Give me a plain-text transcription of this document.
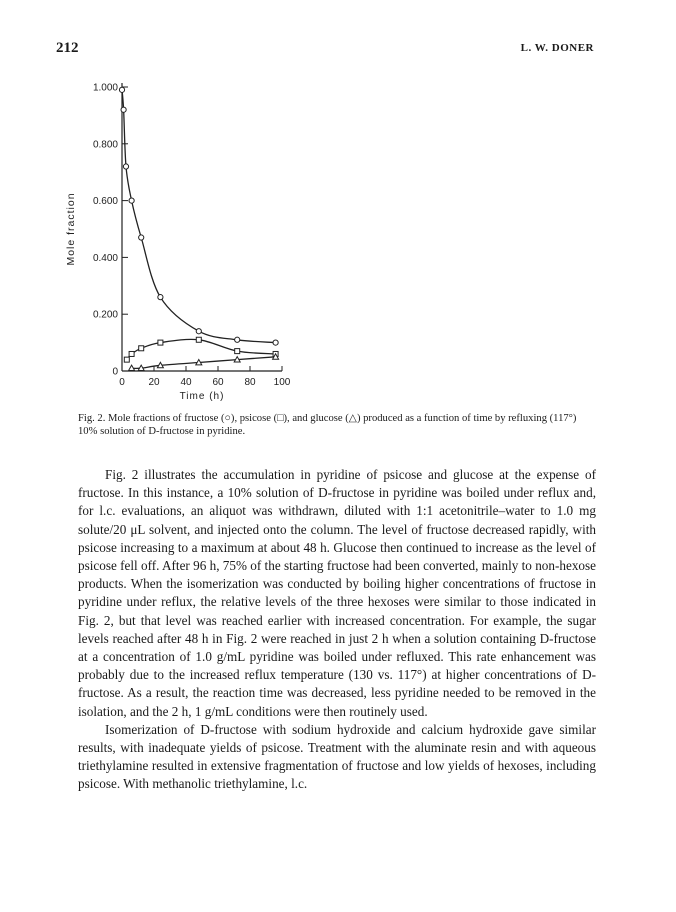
212	L. W. DONER
0
0.200
0.400
0.600
0.800
1.000
0 20 40 60 80 100
Time (h)
Mole fraction

Fig. 2. Mole fractions of fructose (○), psicose (□), and glucose (△) produced as a function of time by refluxing (117°) 10% solution of D-fructose in pyridine.

Fig. 2 illustrates the accumulation in pyridine of psicose and glucose at the expense of fructose. In this instance, a 10% solution of D-fructose in pyridine was boiled under reflux and, for l.c. evaluations, an aliquot was withdrawn, diluted with 1:1 acetonitrile–water to 1.0 mg solute/20 μL solvent, and injected onto the column. The level of fructose decreased rapidly, with psicose increasing to a maximum at about 48 h. Glucose then continued to increase as the level of psicose fell off. After 96 h, 75% of the starting fructose had been converted, mainly to non-hexose products. When the isomerization was conducted by boiling higher concentrations of fructose in pyridine under reflux, the relative levels of the three hexoses were similar to those indicated in Fig. 2, but that level was reached earlier with increased concentration. For example, the sugar levels reached after 48 h in Fig. 2 were reached in just 2 h when a solution containing D-fructose at a concentration of 1.0 g/mL pyridine was boiled under refluxed. This rate enhancement was probably due to the increased reflux temperature (130 vs. 117°) at higher concentrations of D-fructose. As a result, the reaction time was decreased, less pyridine needed to be removed in the isolation, and the 2 h, 1 g/mL conditions were then routinely used.

Isomerization of D-fructose with sodium hydroxide and calcium hydroxide gave similar results, with inadequate yields of psicose. Treatment with the aluminate resin and with aqueous triethylamine resulted in extensive fragmentation of fructose and low yields of hexoses, including psicose. With methanolic triethylamine, l.c.
